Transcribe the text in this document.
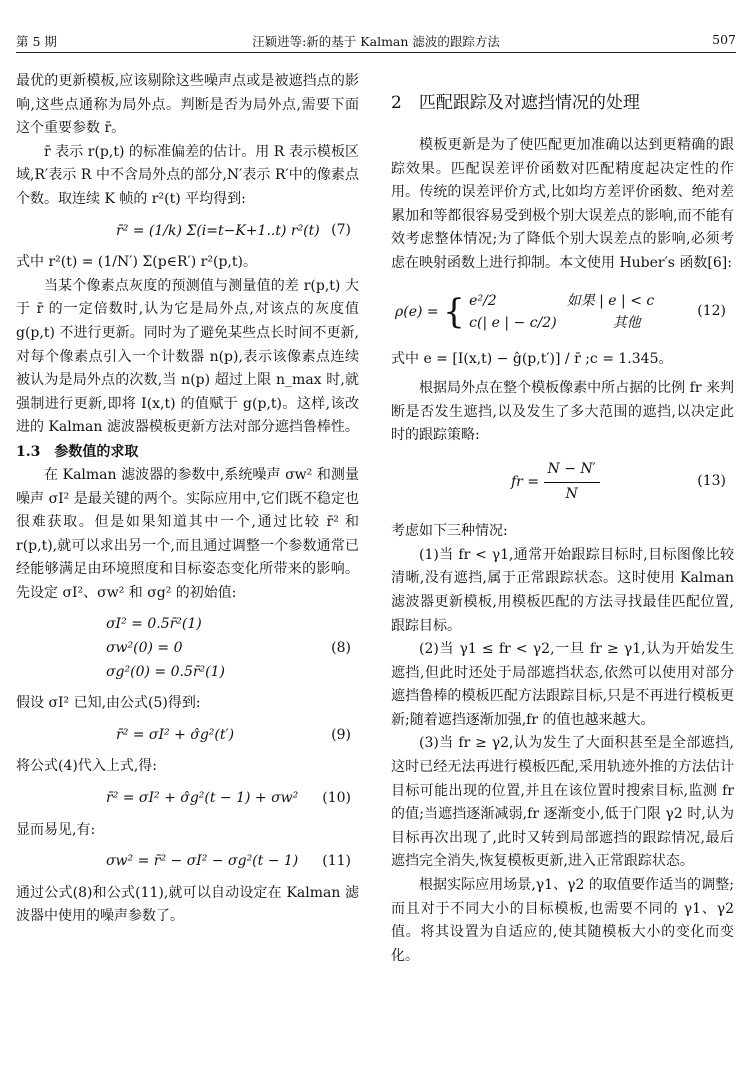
第 5 期	汪颖进等:新的基于 Kalman 滤波的跟踪方法	507

最优的更新模板,应该剔除这些噪声点或是被遮挡点的影响,这些点通称为局外点。判断是否为局外点,需要下面这个重要参数 r̄。

r̄ 表示 r(p,t) 的标准偏差的估计。用 R 表示模板区域,R′表示 R 中不含局外点的部分,N′表示 R′中的像素点个数。取连续 K 帧的 r²(t) 平均得到:

r̄² = (1/k) Σ(i=t−K+1..t) r²(t) (7)

式中 r²(t) = (1/N′) Σ(p∈R′) r²(p,t)。

当某个像素点灰度的预测值与测量值的差 r(p,t) 大于 r̄ 的一定倍数时,认为它是局外点,对该点的灰度值 g(p,t) 不进行更新。同时为了避免某些点长时间不更新,对每个像素点引入一个计数器 n(p),表示该像素点连续被认为是局外点的次数,当 n(p) 超过上限 n_max 时,就强制进行更新,即将 I(x,t) 的值赋于 g(p,t)。这样,该改进的 Kalman 滤波器模板更新方法对部分遮挡鲁棒性。

1.3　参数值的求取

在 Kalman 滤波器的参数中,系统噪声 σw² 和测量噪声 σI² 是最关键的两个。实际应用中,它们既不稳定也很难获取。但是如果知道其中一个,通过比较 r̄² 和 r(p,t),就可以求出另一个,而且通过调整一个参数通常已经能够满足由环境照度和目标姿态变化所带来的影响。先设定 σI²、σw² 和 σg² 的初始值:

σI² = 0.5r̄²(1)
σw²(0) = 0
σg²(0) = 0.5r̄²(1)
(8)

假设 σI² 已知,由公式(5)得到:

r̄² = σI² + σ̂g²(t′)	(9)

将公式(4)代入上式,得:

r̄² = σI² + σ̂g²(t − 1) + σw² (10)

显而易见,有:

σw² = r̄² − σI² − σg²(t − 1) (11)

通过公式(8)和公式(11),就可以自动设定在 Kalman 滤波器中使用的噪声参数了。

2　匹配跟踪及对遮挡情况的处理

模板更新是为了使匹配更加准确以达到更精确的跟踪效果。匹配误差评价函数对匹配精度起决定性的作用。传统的误差评价方式,比如均方差评价函数、绝对差累加和等都很容易受到极个别大误差点的影响,而不能有效考虑整体情况;为了降低个别大误差点的影响,必须考虑在映射函数上进行抑制。本文使用 Huber′s 函数[6]:

ρ(e) = { e²/2　　　　　如果 | e | < c
c(| e | − c/2)　　　　其他
(12)

式中 e = [I(x,t) − ĝ(p,t′)] / r̄ ;c = 1.345。

根据局外点在整个模板像素中所占据的比例 fr 来判断是否发生遮挡,以及发生了多大范围的遮挡,以决定此时的跟踪策略:

fr = $\frac{N - N'}{N}$	(13)

考虑如下三种情况:

(1)当 fr < γ1,通常开始跟踪目标时,目标图像比较清晰,没有遮挡,属于正常跟踪状态。这时使用 Kalman 滤波器更新模板,用模板匹配的方法寻找最佳匹配位置,跟踪目标。

(2)当 γ1 ≤ fr < γ2,一旦 fr ≥ γ1,认为开始发生遮挡,但此时还处于局部遮挡状态,依然可以使用对部分遮挡鲁棒的模板匹配方法跟踪目标,只是不再进行模板更新;随着遮挡逐渐加强,fr 的值也越来越大。

(3)当 fr ≥ γ2,认为发生了大面积甚至是全部遮挡,这时已经无法再进行模板匹配,采用轨迹外推的方法估计目标可能出现的位置,并且在该位置时搜索目标,监测 fr 的值;当遮挡逐渐减弱,fr 逐渐变小,低于门限 γ2 时,认为目标再次出现了,此时又转到局部遮挡的跟踪情况,最后遮挡完全消失,恢复模板更新,进入正常跟踪状态。

根据实际应用场景,γ1、γ2 的取值要作适当的调整;而且对于不同大小的目标模板,也需要不同的 γ1、γ2 值。将其设置为自适应的,使其随模板大小的变化而变化。
